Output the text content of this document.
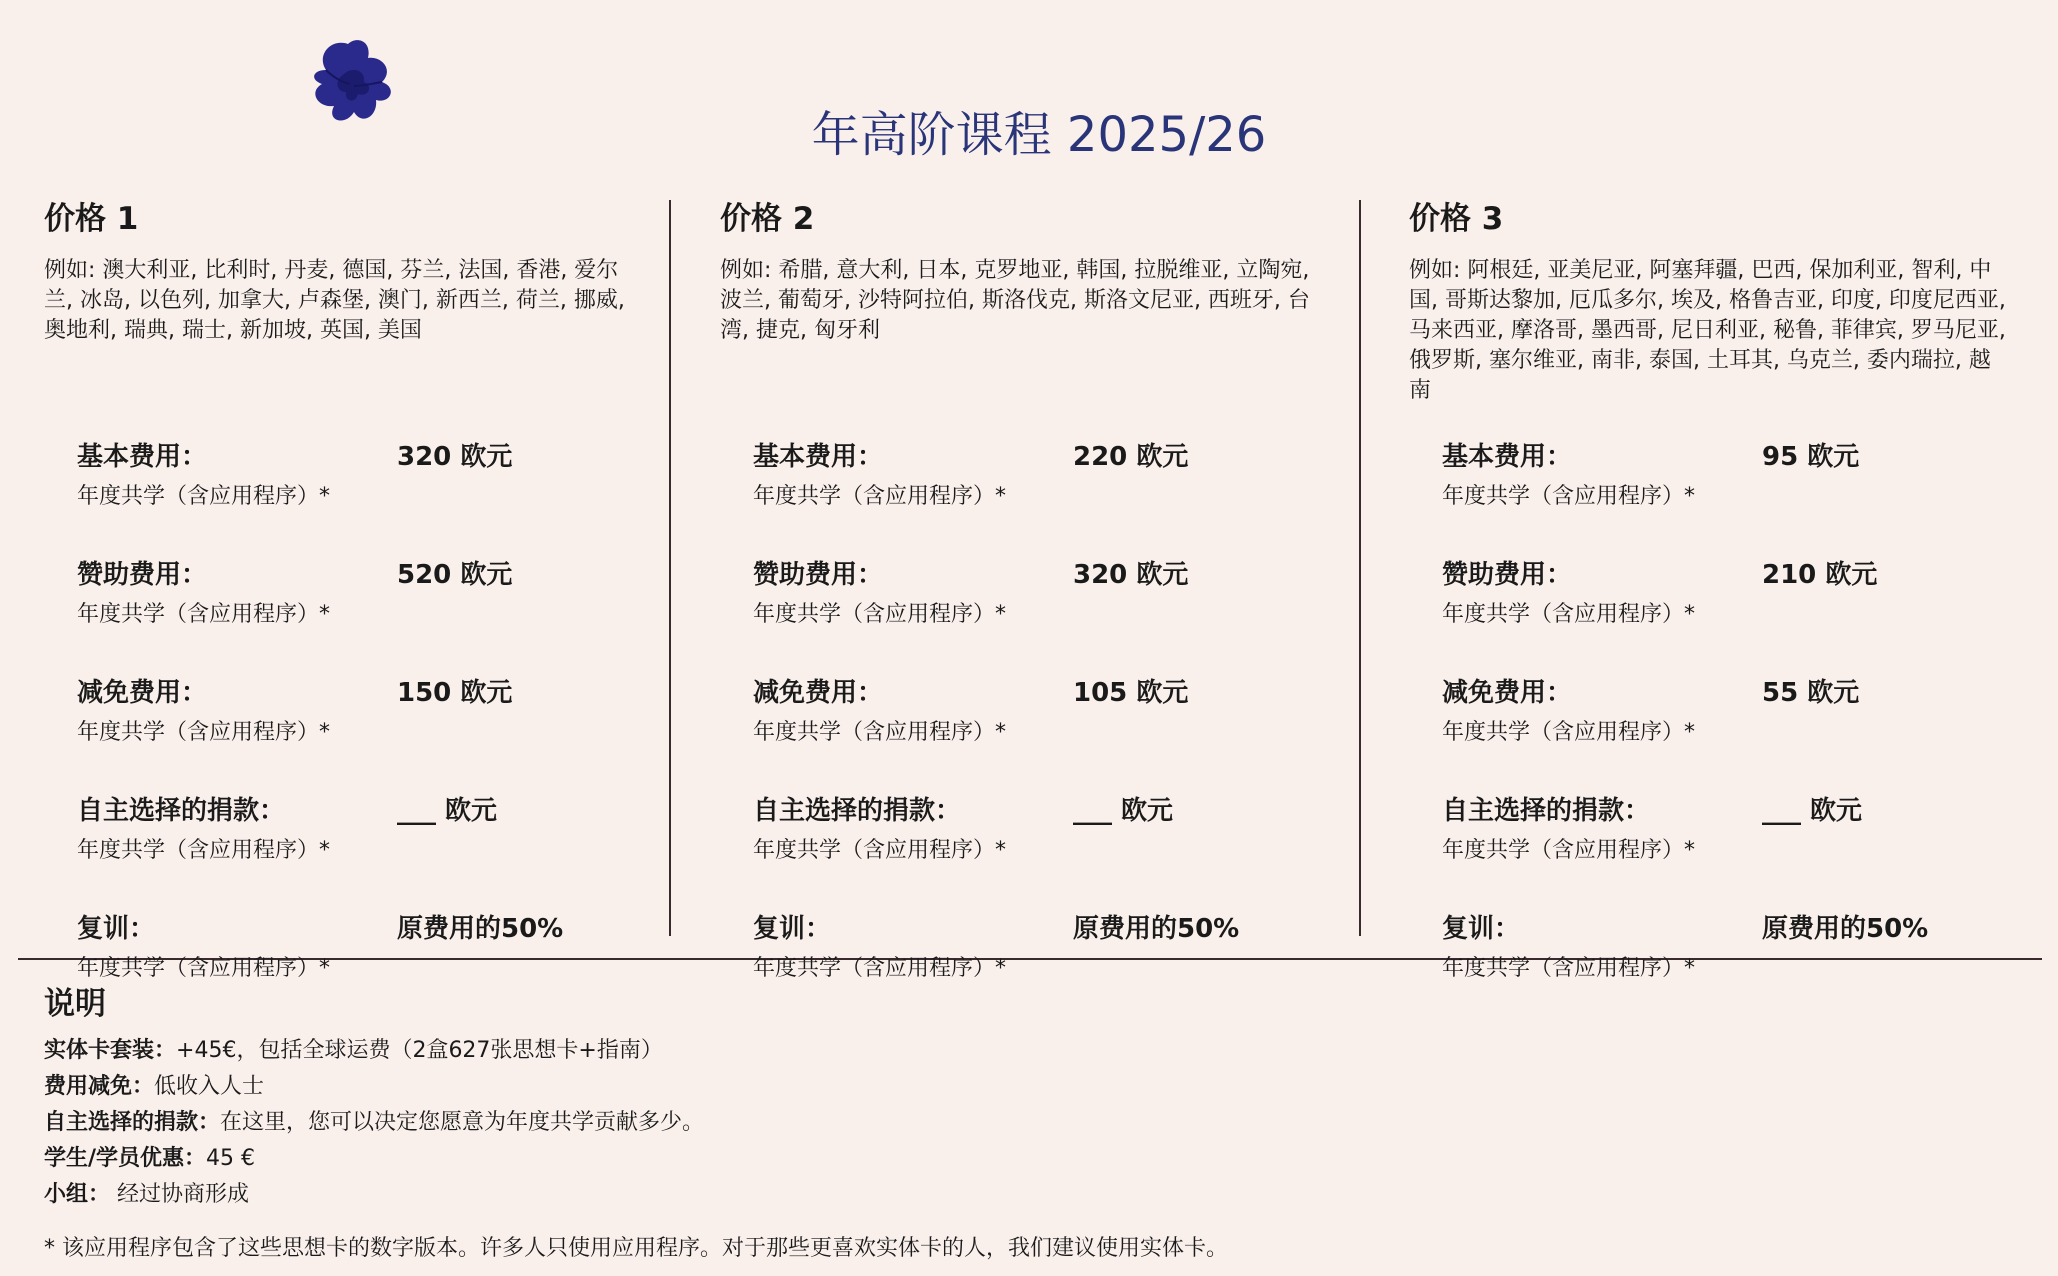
年高阶课程 2025/26
价格 1

例如: 澳大利亚, 比利时, 丹麦, 德国, 芬兰, 法国, 香港, 爱尔兰, 冰岛, 以色列, 加拿大, 卢森堡, 澳门, 新西兰, 荷兰, 挪威, 奥地利, 瑞典, 瑞士, 新加坡, 英国, 美国

基本费用：	320 欧元
年度共学（含应用程序）*
赞助费用：	520 欧元
年度共学（含应用程序）*
减免费用：	150 欧元
年度共学（含应用程序）*
自主选择的捐款：	___ 欧元
年度共学（含应用程序）*
复训：	原费用的50%
年度共学（含应用程序）*
价格 2

例如: 希腊, 意大利, 日本, 克罗地亚, 韩国, 拉脱维亚, 立陶宛, 波兰, 葡萄牙, 沙特阿拉伯, 斯洛伐克, 斯洛文尼亚, 西班牙, 台湾, 捷克, 匈牙利

基本费用：	220 欧元
年度共学（含应用程序）*
赞助费用：	320 欧元
年度共学（含应用程序）*
减免费用：	105 欧元
年度共学（含应用程序）*
自主选择的捐款：	___ 欧元
年度共学（含应用程序）*
复训：	原费用的50%
年度共学（含应用程序）*
价格 3

例如: 阿根廷, 亚美尼亚, 阿塞拜疆, 巴西, 保加利亚, 智利, 中国, 哥斯达黎加, 厄瓜多尔, 埃及, 格鲁吉亚, 印度, 印度尼西亚, 马来西亚, 摩洛哥, 墨西哥, 尼日利亚, 秘鲁, 菲律宾, 罗马尼亚, 俄罗斯, 塞尔维亚, 南非, 泰国, 土耳其, 乌克兰, 委内瑞拉, 越南

基本费用：	95 欧元
年度共学（含应用程序）*
赞助费用：	210 欧元
年度共学（含应用程序）*
减免费用：	55 欧元
年度共学（含应用程序）*
自主选择的捐款：	___ 欧元
年度共学（含应用程序）*
复训：	原费用的50%
年度共学（含应用程序）*
说明
实体卡套装：+45€，包括全球运费（2盒627张思想卡+指南）
费用减免：低收入人士
自主选择的捐款：在这里，您可以决定您愿意为年度共学贡献多少。
学生/学员优惠：45 €
小组： 经过协商形成
* 该应用程序包含了这些思想卡的数字版本。许多人只使用应用程序。对于那些更喜欢实体卡的人，我们建议使用实体卡。
